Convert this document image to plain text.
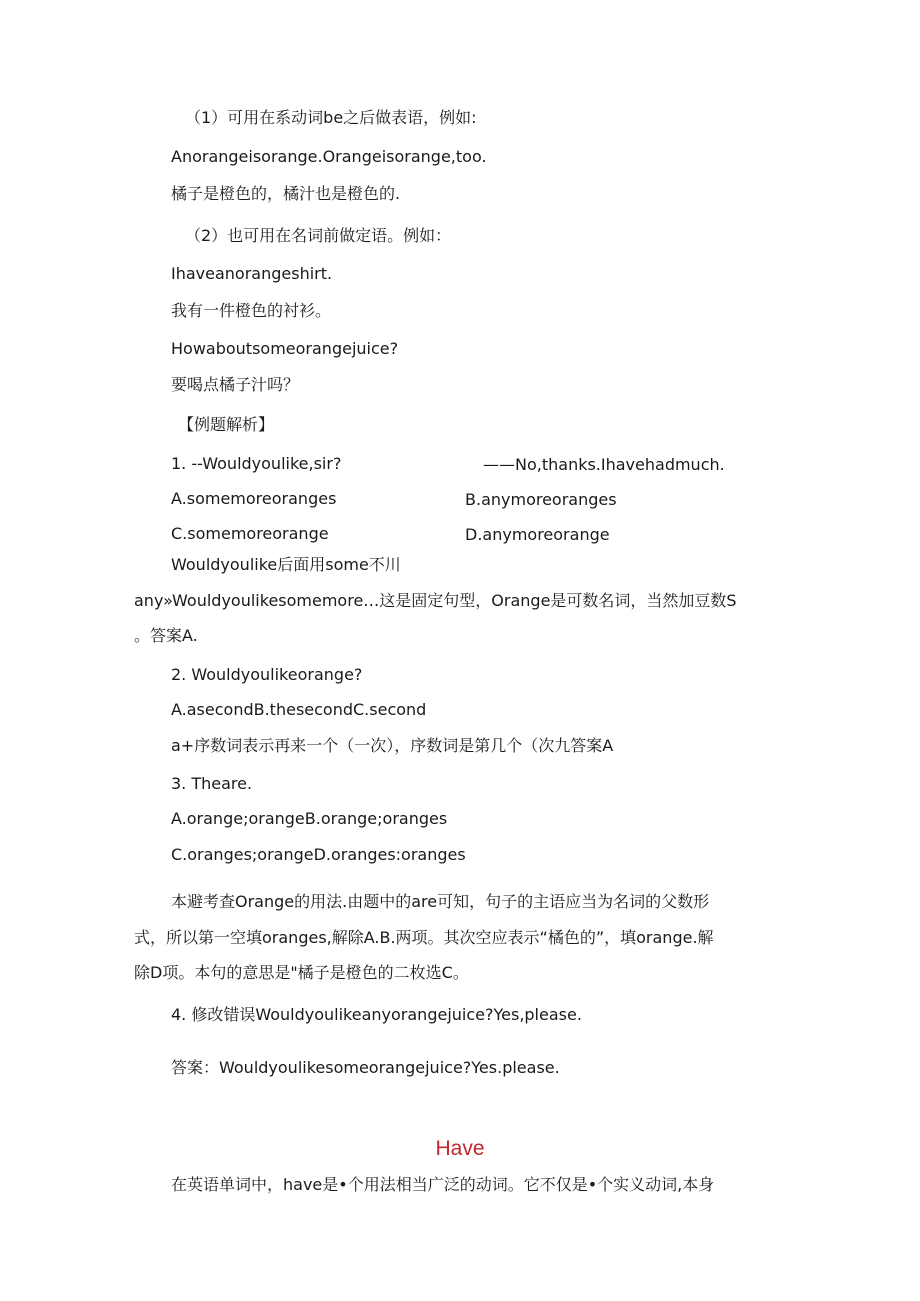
（1）可用在系动词be之后做表语，例如:
Anorangeisorange.Orangeisorange,too.
橘子是橙色的，橘汁也是橙色的.
（2）也可用在名词前做定语。例如：
Ihaveanorangeshirt.
我有一件橙色的衬衫。
Howaboutsomeorangejuice?
要喝点橘子汁吗？
【例题解析】
1. --Wouldyoulike,sir?	——No,thanks.Ihavehadmuch.
A.somemoreoranges	B.anymoreoranges
C.somemoreorange	D.anymoreorange
Wouldyoulike后面用some不川
any»Wouldyoulikesomemore…这是固定句型，Orange是可数名词，当然加豆数S
。答案A.
2. Wouldyoulikeorange?
A.asecondB.thesecondC.second
a+序数词表示再来一个（一次），序数词是第几个（次九答案A
3. Theare.
A.orange;orangeB.orange;oranges
C.oranges;orangeD.oranges:oranges
本避考查Orange的用法.由题中的are可知，句子的主语应当为名词的父数形
式，所以第一空填oranges,解除A.B.两项。其次空应表示“橘色的”，填orange.解
除D项。本句的意思是"橘子是橙色的二枚选C。
4. 修改错误Wouldyoulikeanyorangejuice?Yes,please.
答案：Wouldyoulikesomeorangejuice?Yes.please.
Have
在英语单词中，have是•个用法相当广泛的动词。它不仅是•个实义动词,本身
